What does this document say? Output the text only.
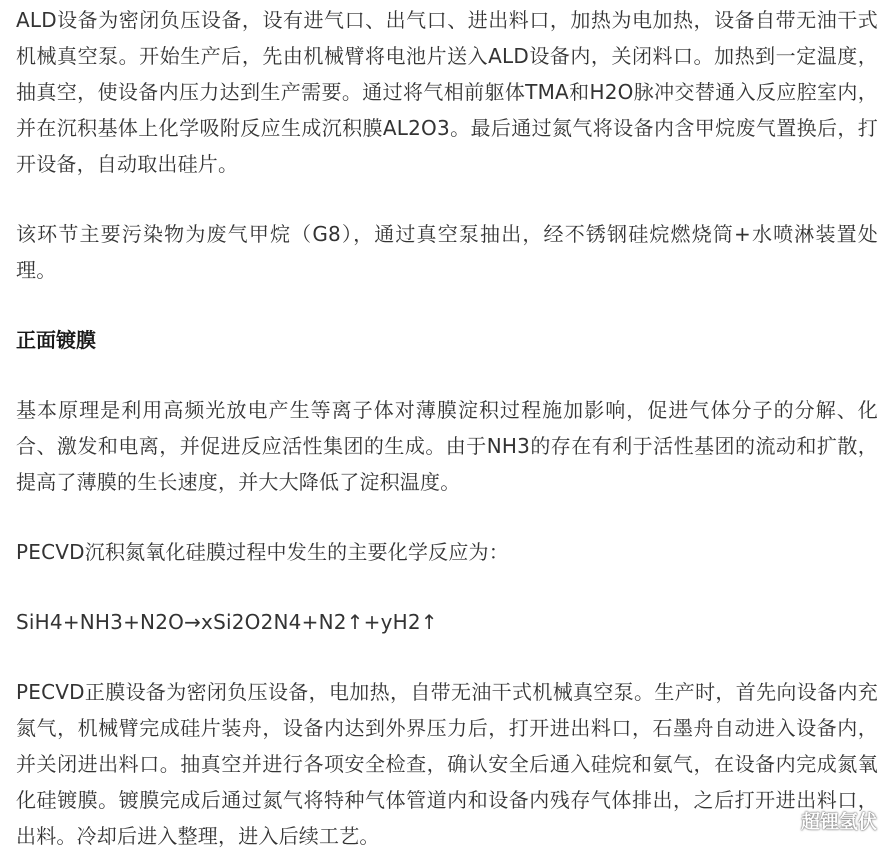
ALD设备为密闭负压设备，设有进气口、出气口、进出料口，加热为电加热，设备自带无油干式机械真空泵。开始生产后，先由机械臂将电池片送入ALD设备内，关闭料口。加热到一定温度，抽真空，使设备内压力达到生产需要。通过将气相前躯体TMA和H2O脉冲交替通入反应腔室内，并在沉积基体上化学吸附反应生成沉积膜AL2O3。最后通过氮气将设备内含甲烷废气置换后，打开设备，自动取出硅片。

该环节主要污染物为废气甲烷（G8），通过真空泵抽出，经不锈钢硅烷燃烧筒+水喷淋装置处理。

正面镀膜

基本原理是利用高频光放电产生等离子体对薄膜淀积过程施加影响，促进气体分子的分解、化合、激发和电离，并促进反应活性集团的生成。由于NH3的存在有利于活性基团的流动和扩散，提高了薄膜的生长速度，并大大降低了淀积温度。

PECVD沉积氮氧化硅膜过程中发生的主要化学反应为：

SiH4+NH3+N2O→xSi2O2N4+N2↑+yH2↑

PECVD正膜设备为密闭负压设备，电加热，自带无油干式机械真空泵。生产时，首先向设备内充氮气，机械臂完成硅片装舟，设备内达到外界压力后，打开进出料口，石墨舟自动进入设备内，并关闭进出料口。抽真空并进行各项安全检查，确认安全后通入硅烷和氨气，在设备内完成氮氧化硅镀膜。镀膜完成后通过氮气将特种气体管道内和设备内残存气体排出，之后打开进出料口，出料。冷却后进入整理，进入后续工艺。

超锂氢伏
